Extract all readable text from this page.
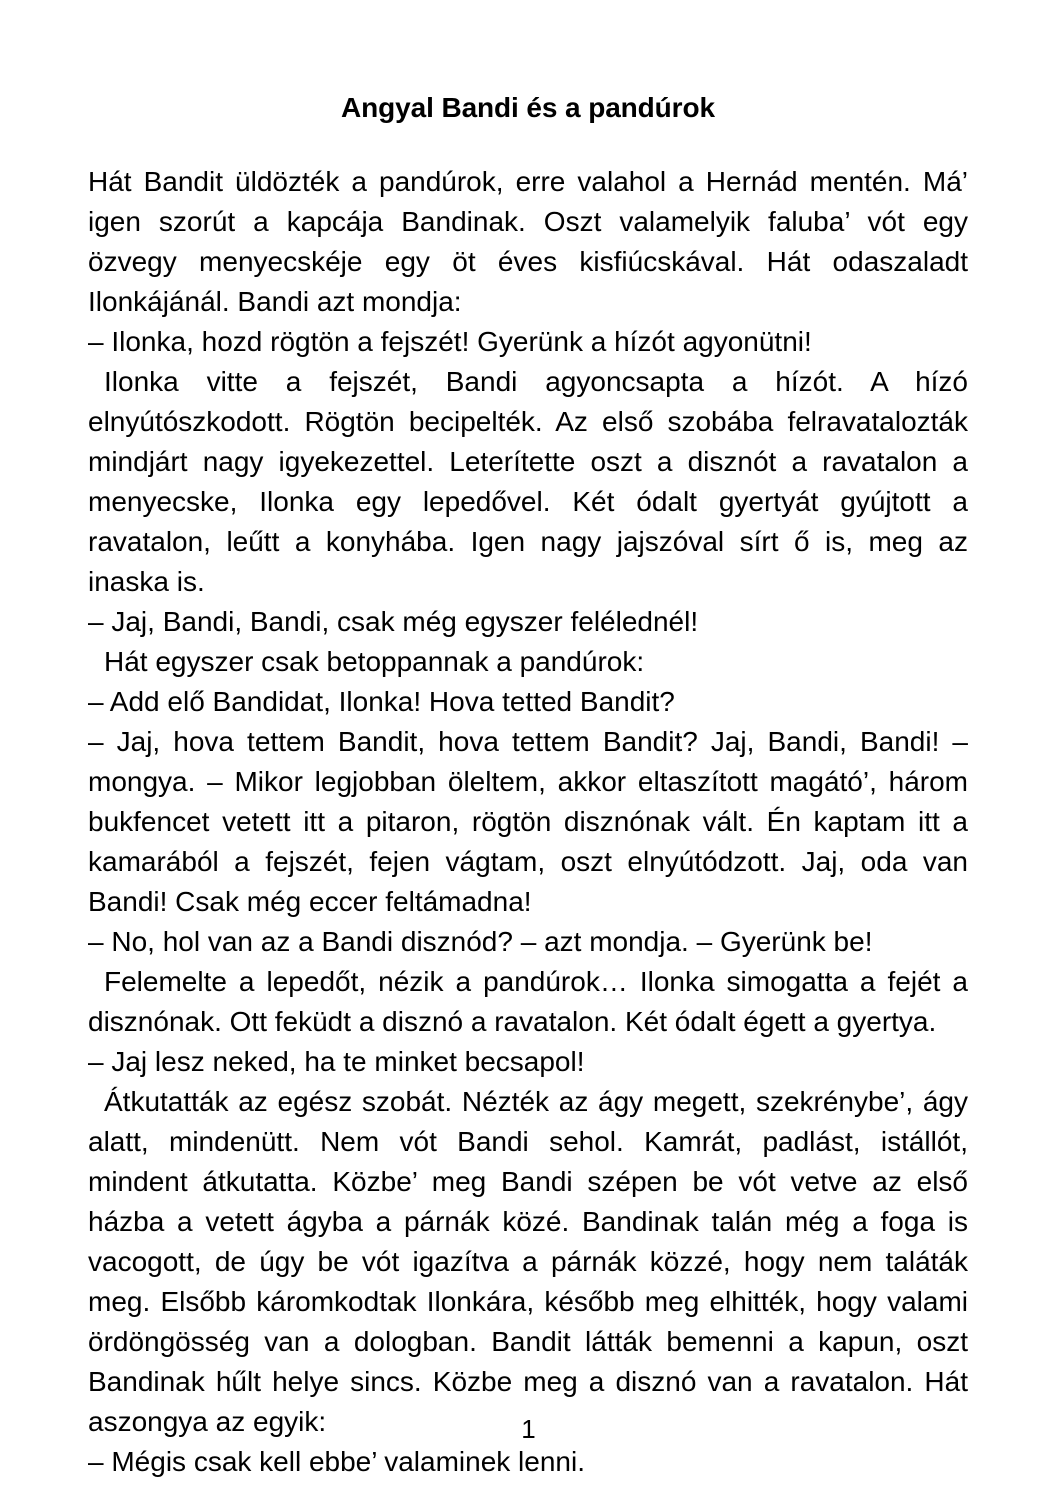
Angyal Bandi és a pandúrok

Hát Bandit üldözték a pandúrok, erre valahol a Hernád mentén. Má’ igen szorút a kapcája Bandinak. Oszt valamelyik faluba’ vót egy özvegy menyecskéje egy öt éves kisfiúcskával. Hát odaszaladt Ilonkájánál. Bandi azt mondja:

– Ilonka, hozd rögtön a fejszét! Gyerünk a hízót agyonütni!

Ilonka vitte a fejszét, Bandi agyoncsapta a hízót. A hízó elnyútószkodott. Rögtön becipelték. Az első szobába felravatalozták mindjárt nagy igyekezettel. Leterítette oszt a disznót a ravatalon a menyecske, Ilonka egy lepedővel. Két ódalt gyertyát gyújtott a ravatalon, leűtt a konyhába. Igen nagy jajszóval sírt ő is, meg az inaska is.

– Jaj, Bandi, Bandi, csak még egyszer felélednél!

Hát egyszer csak betoppannak a pandúrok:

– Add elő Bandidat, Ilonka! Hova tetted Bandit?

– Jaj, hova tettem Bandit, hova tettem Bandit? Jaj, Bandi, Bandi! – mongya. – Mikor legjobban öleltem, akkor eltaszított magátó’, három bukfencet vetett itt a pitaron, rögtön disznónak vált. Én kaptam itt a kamarából a fejszét, fejen vágtam, oszt elnyútódzott. Jaj, oda van Bandi! Csak még eccer feltámadna!

– No, hol van az a Bandi disznód? – azt mondja. – Gyerünk be!

Felemelte a lepedőt, nézik a pandúrok… Ilonka simogatta a fejét a disznónak. Ott feküdt a disznó a ravatalon. Két ódalt égett a gyertya.

– Jaj lesz neked, ha te minket becsapol!

Átkutatták az egész szobát. Nézték az ágy megett, szekrénybe’, ágy alatt, mindenütt. Nem vót Bandi sehol. Kamrát, padlást, istállót, mindent átkutatta. Közbe’ meg Bandi szépen be vót vetve az első házba a vetett ágyba a párnák közé. Bandinak talán még a foga is vacogott, de úgy be vót igazítva a párnák közzé, hogy nem taláták meg. Elsőbb káromkodtak Ilonkára, később meg elhitték, hogy valami ördöngösség van a dologban. Bandit látták bemenni a kapun, oszt Bandinak hűlt helye sincs. Közbe meg a disznó van a ravatalon. Hát aszongya az egyik:

– Mégis csak kell ebbe’ valaminek lenni.

1
